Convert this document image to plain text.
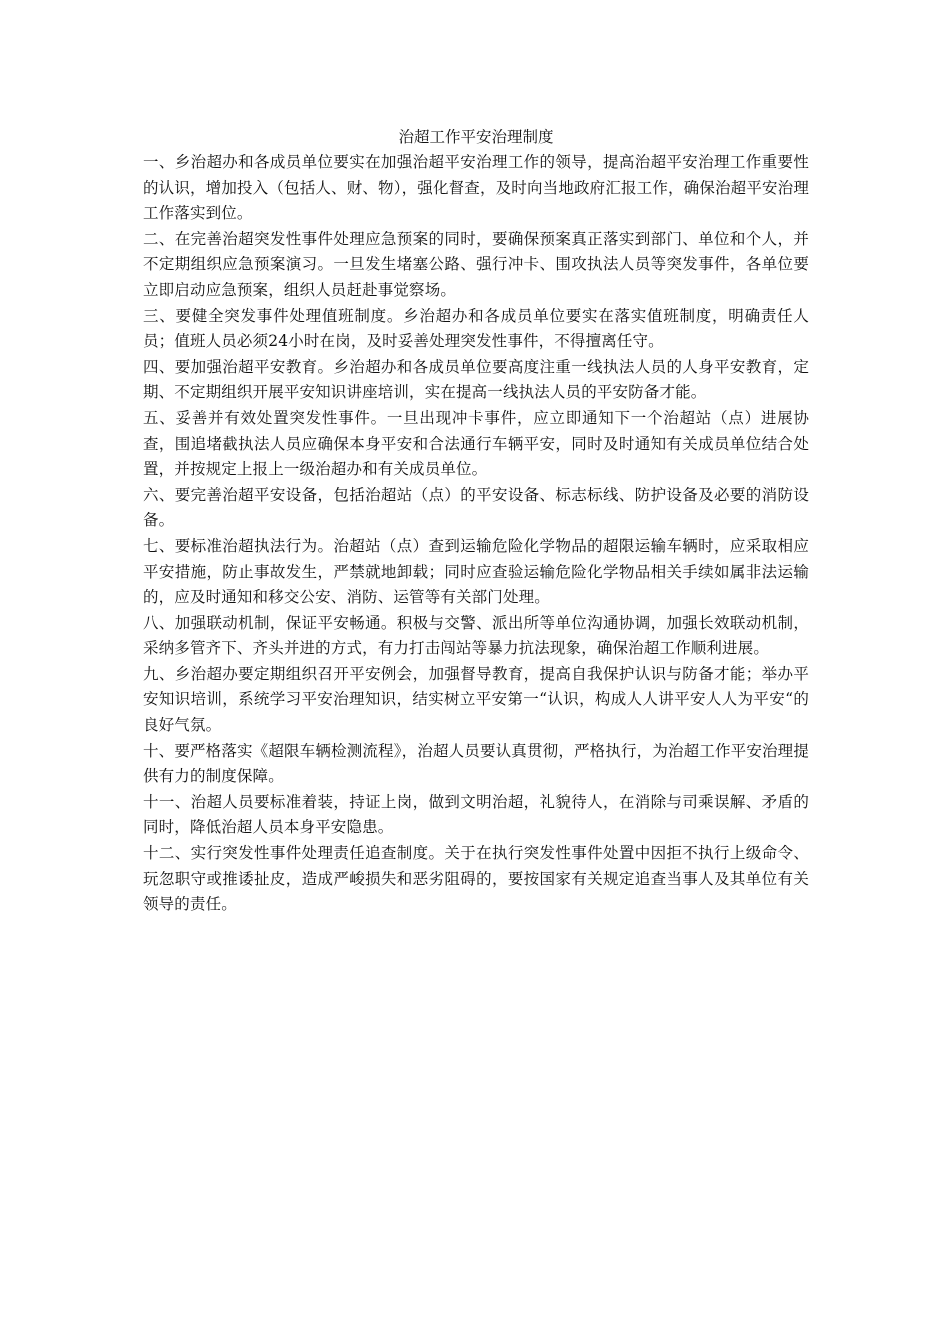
治超工作平安治理制度

一、乡治超办和各成员单位要实在加强治超平安治理工作的领导，提高治超平安治理工作重要性的认识，增加投入（包括人、财、物），强化督查，及时向当地政府汇报工作，确保治超平安治理工作落实到位。

二、在完善治超突发性事件处理应急预案的同时，要确保预案真正落实到部门、单位和个人，并不定期组织应急预案演习。一旦发生堵塞公路、强行冲卡、围攻执法人员等突发事件，各单位要立即启动应急预案，组织人员赶赴事觉察场。

三、要健全突发事件处理值班制度。乡治超办和各成员单位要实在落实值班制度，明确责任人员；值班人员必须24小时在岗，及时妥善处理突发性事件，不得擅离任守。

四、要加强治超平安教育。乡治超办和各成员单位要高度注重一线执法人员的人身平安教育，定期、不定期组织开展平安知识讲座培训，实在提高一线执法人员的平安防备才能。

五、妥善并有效处置突发性事件。一旦出现冲卡事件，应立即通知下一个治超站（点）进展协查，围追堵截执法人员应确保本身平安和合法通行车辆平安，同时及时通知有关成员单位结合处置，并按规定上报上一级治超办和有关成员单位。

六、要完善治超平安设备，包括治超站（点）的平安设备、标志标线、防护设备及必要的消防设备。

七、要标准治超执法行为。治超站（点）查到运输危险化学物品的超限运输车辆时，应采取相应平安措施，防止事故发生，严禁就地卸载；同时应查验运输危险化学物品相关手续如属非法运输的，应及时通知和移交公安、消防、运管等有关部门处理。

八、加强联动机制，保证平安畅通。积极与交警、派出所等单位沟通协调，加强长效联动机制，采纳多管齐下、齐头并进的方式，有力打击闯站等暴力抗法现象，确保治超工作顺利进展。

九、乡治超办要定期组织召开平安例会，加强督导教育，提高自我保护认识与防备才能；举办平安知识培训，系统学习平安治理知识，结实树立平安第一“认识，构成人人讲平安人人为平安“的良好气氛。

十、要严格落实《超限车辆检测流程》，治超人员要认真贯彻，严格执行，为治超工作平安治理提供有力的制度保障。

十一、治超人员要标准着装，持证上岗，做到文明治超，礼貌待人，在消除与司乘误解、矛盾的同时，降低治超人员本身平安隐患。

十二、实行突发性事件处理责任追查制度。关于在执行突发性事件处置中因拒不执行上级命令、玩忽职守或推诿扯皮，造成严峻损失和恶劣阻碍的，要按国家有关规定追查当事人及其单位有关领导的责任。
